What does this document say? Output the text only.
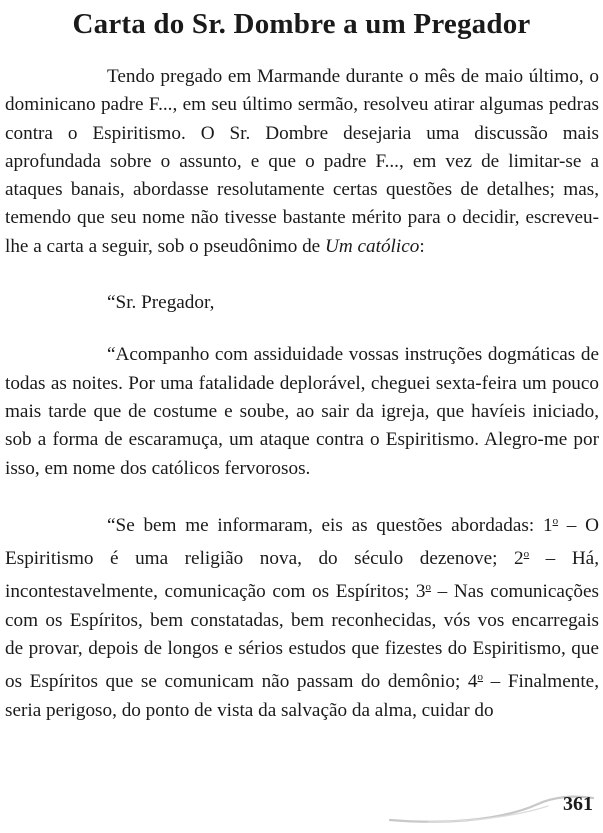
Carta do Sr. Dombre a um Pregador

Tendo pregado em Marmande durante o mês de maio último, o dominicano padre F..., em seu último sermão, resolveu atirar algumas pedras contra o Espiritismo. O Sr. Dombre desejaria uma discussão mais aprofundada sobre o assunto, e que o padre F..., em vez de limitar-se a ataques banais, abordasse resolutamente certas questões de detalhes; mas, temendo que seu nome não tivesse bastante mérito para o decidir, escreveu-lhe a carta a seguir, sob o pseudônimo de Um católico:

“Sr. Pregador,

“Acompanho com assiduidade vossas instruções dogmáticas de todas as noites. Por uma fatalidade deplorável, cheguei sexta-feira um pouco mais tarde que de costume e soube, ao sair da igreja, que havíeis iniciado, sob a forma de escaramuça, um ataque contra o Espiritismo. Alegro-me por isso, em nome dos católicos fervorosos.

“Se bem me informaram, eis as questões abordadas: 1$^o$ – O Espiritismo é uma religião nova, do século dezenove; 2$^o$ – Há, incontestavelmente, comunicação com os Espíritos; 3$^o$ – Nas comunicações com os Espíritos, bem constatadas, bem reconhecidas, vós vos encarregais de provar, depois de longos e sérios estudos que fizestes do Espiritismo, que os Espíritos que se comunicam não passam do demônio; 4$^o$ – Finalmente, seria perigoso, do ponto de vista da salvação da alma, cuidar do

361
